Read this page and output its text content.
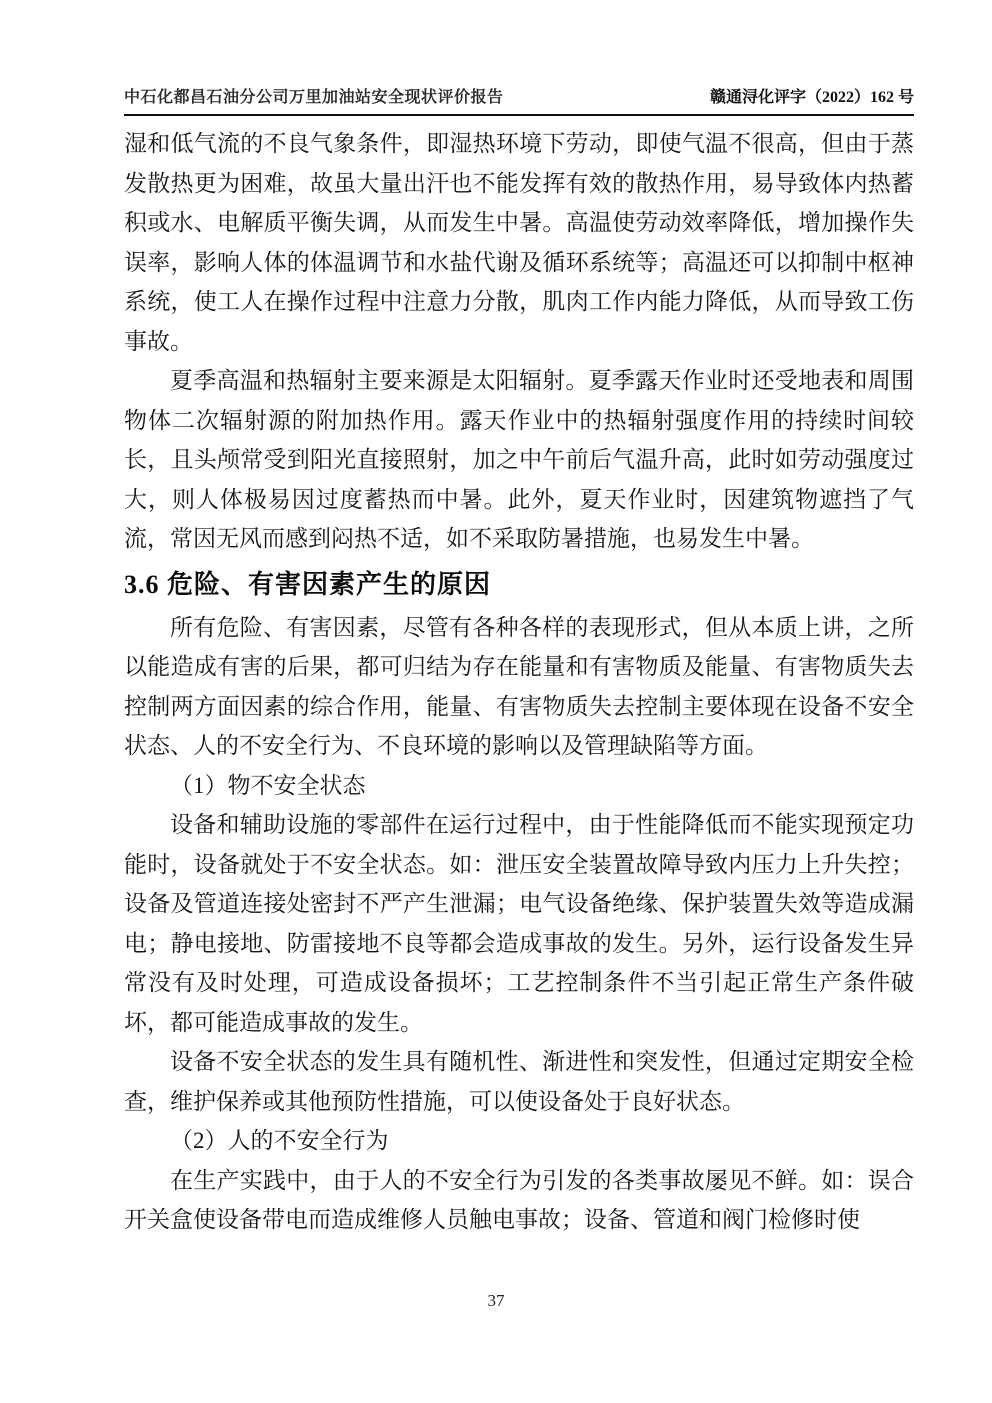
中石化都昌石油分公司万里加油站安全现状评价报告	赣通浔化评字（2022）162 号

湿和低气流的不良气象条件，即湿热环境下劳动，即使气温不很高，但由于蒸发散热更为困难，故虽大量出汗也不能发挥有效的散热作用，易导致体内热蓄积或水、电解质平衡失调，从而发生中暑。高温使劳动效率降低，增加操作失误率，影响人体的体温调节和水盐代谢及循环系统等；高温还可以抑制中枢神系统，使工人在操作过程中注意力分散，肌肉工作内能力降低，从而导致工伤事故。

夏季高温和热辐射主要来源是太阳辐射。夏季露天作业时还受地表和周围物体二次辐射源的附加热作用。露天作业中的热辐射强度作用的持续时间较长，且头颅常受到阳光直接照射，加之中午前后气温升高，此时如劳动强度过大，则人体极易因过度蓄热而中暑。此外，夏天作业时，因建筑物遮挡了气流，常因无风而感到闷热不适，如不采取防暑措施，也易发生中暑。

3.6 危险、有害因素产生的原因

所有危险、有害因素，尽管有各种各样的表现形式，但从本质上讲，之所以能造成有害的后果，都可归结为存在能量和有害物质及能量、有害物质失去控制两方面因素的综合作用，能量、有害物质失去控制主要体现在设备不安全状态、人的不安全行为、不良环境的影响以及管理缺陷等方面。

（1）物不安全状态

设备和辅助设施的零部件在运行过程中，由于性能降低而不能实现预定功能时，设备就处于不安全状态。如：泄压安全装置故障导致内压力上升失控；设备及管道连接处密封不严产生泄漏；电气设备绝缘、保护装置失效等造成漏电；静电接地、防雷接地不良等都会造成事故的发生。另外，运行设备发生异常没有及时处理，可造成设备损坏；工艺控制条件不当引起正常生产条件破坏，都可能造成事故的发生。

设备不安全状态的发生具有随机性、渐进性和突发性，但通过定期安全检查，维护保养或其他预防性措施，可以使设备处于良好状态。

（2）人的不安全行为

在生产实践中，由于人的不安全行为引发的各类事故屡见不鲜。如：误合开关盒使设备带电而造成维修人员触电事故；设备、管道和阀门检修时使

37
